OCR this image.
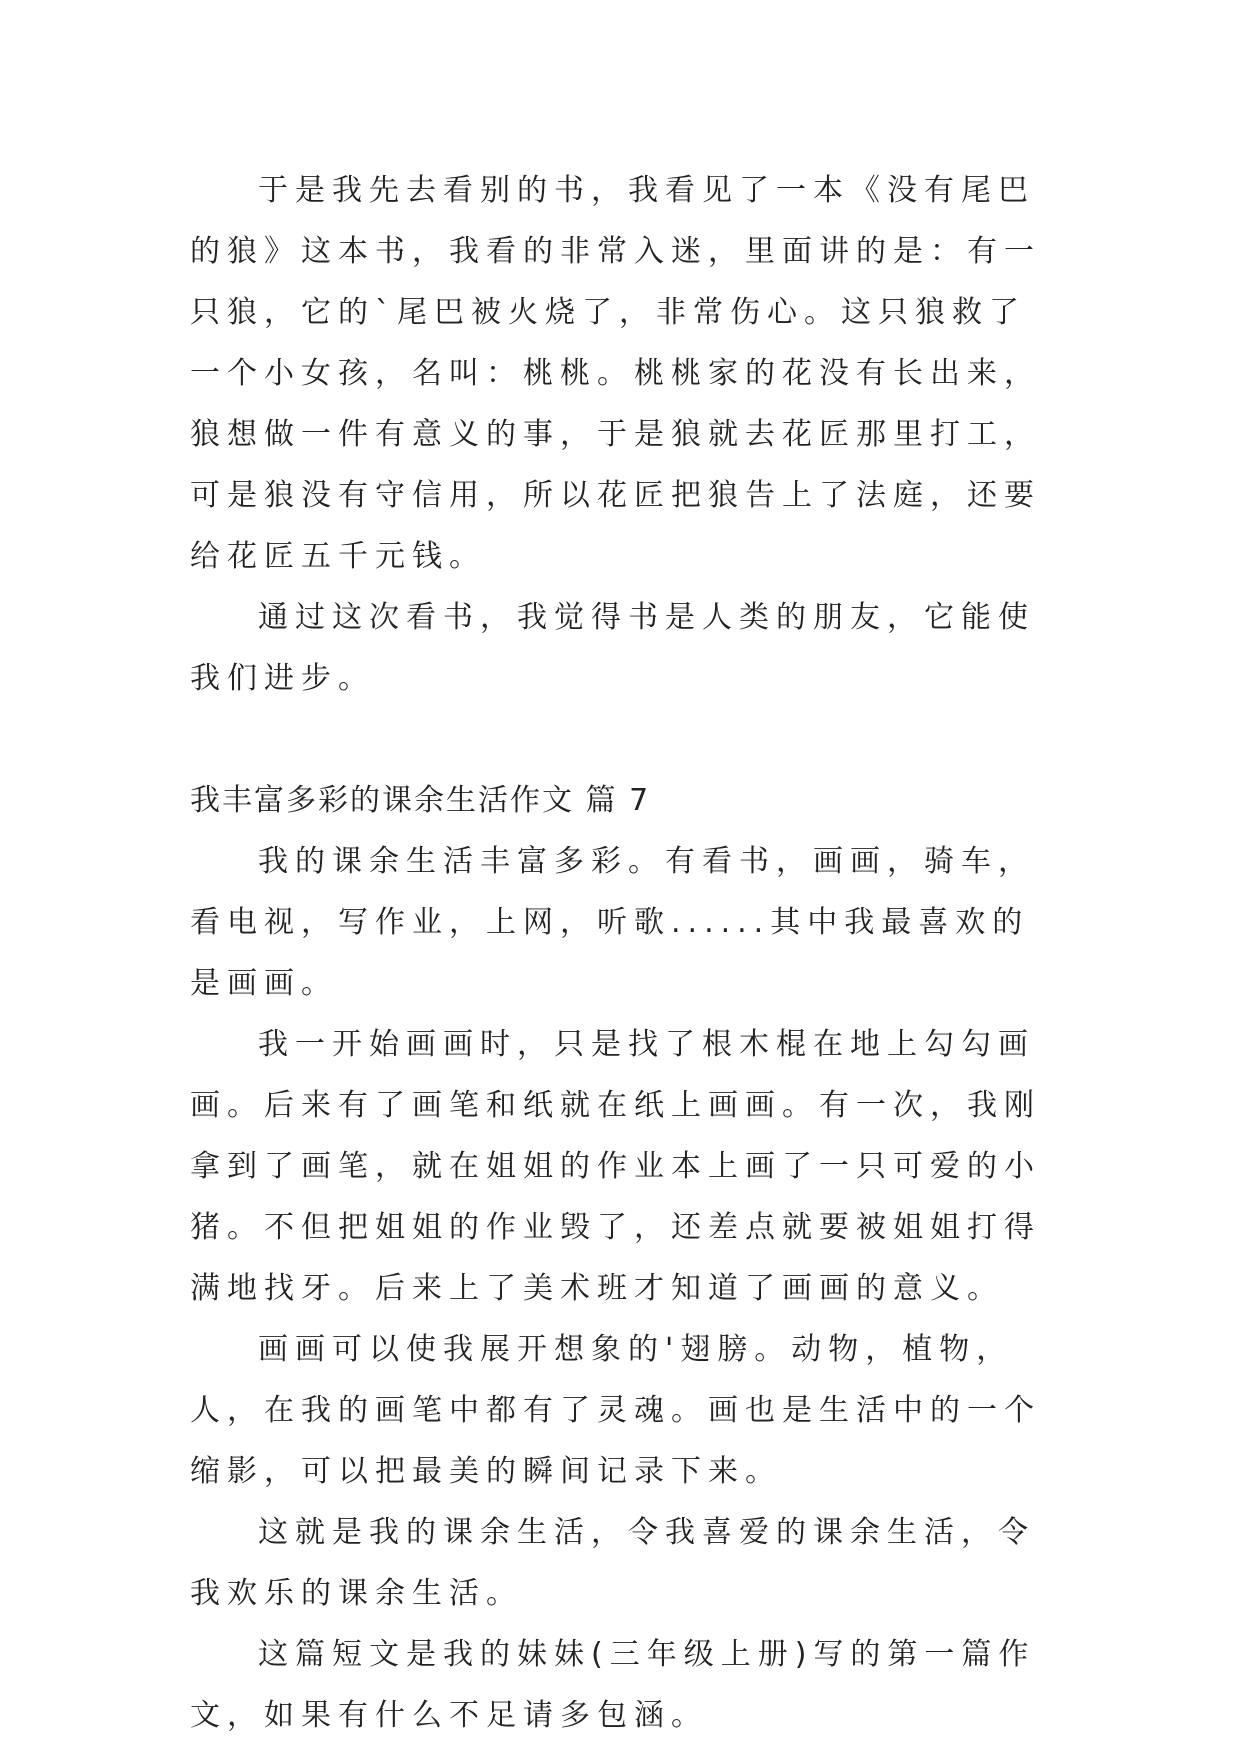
于是我先去看别的书，我看见了一本《没有尾巴的狼》这本书，我看的非常入迷，里面讲的是：有一只狼，它的`尾巴被火烧了，非常伤心。这只狼救了一个小女孩，名叫：桃桃。桃桃家的花没有长出来，狼想做一件有意义的事，于是狼就去花匠那里打工，可是狼没有守信用，所以花匠把狼告上了法庭，还要给花匠五千元钱。

通过这次看书，我觉得书是人类的朋友，它能使我们进步。

我丰富多彩的课余生活作文 篇 7

我的课余生活丰富多彩。有看书，画画，骑车，看电视，写作业，上网，听歌......其中我最喜欢的是画画。

我一开始画画时，只是找了根木棍在地上勾勾画画。后来有了画笔和纸就在纸上画画。有一次，我刚拿到了画笔，就在姐姐的作业本上画了一只可爱的小猪。不但把姐姐的作业毁了，还差点就要被姐姐打得满地找牙。后来上了美术班才知道了画画的意义。

画画可以使我展开想象的'翅膀。动物，植物，人，在我的画笔中都有了灵魂。画也是生活中的一个缩影，可以把最美的瞬间记录下来。

这就是我的课余生活，令我喜爱的课余生活，令我欢乐的课余生活。

这篇短文是我的妹妹(三年级上册)写的第一篇作文，如果有什么不足请多包涵。
